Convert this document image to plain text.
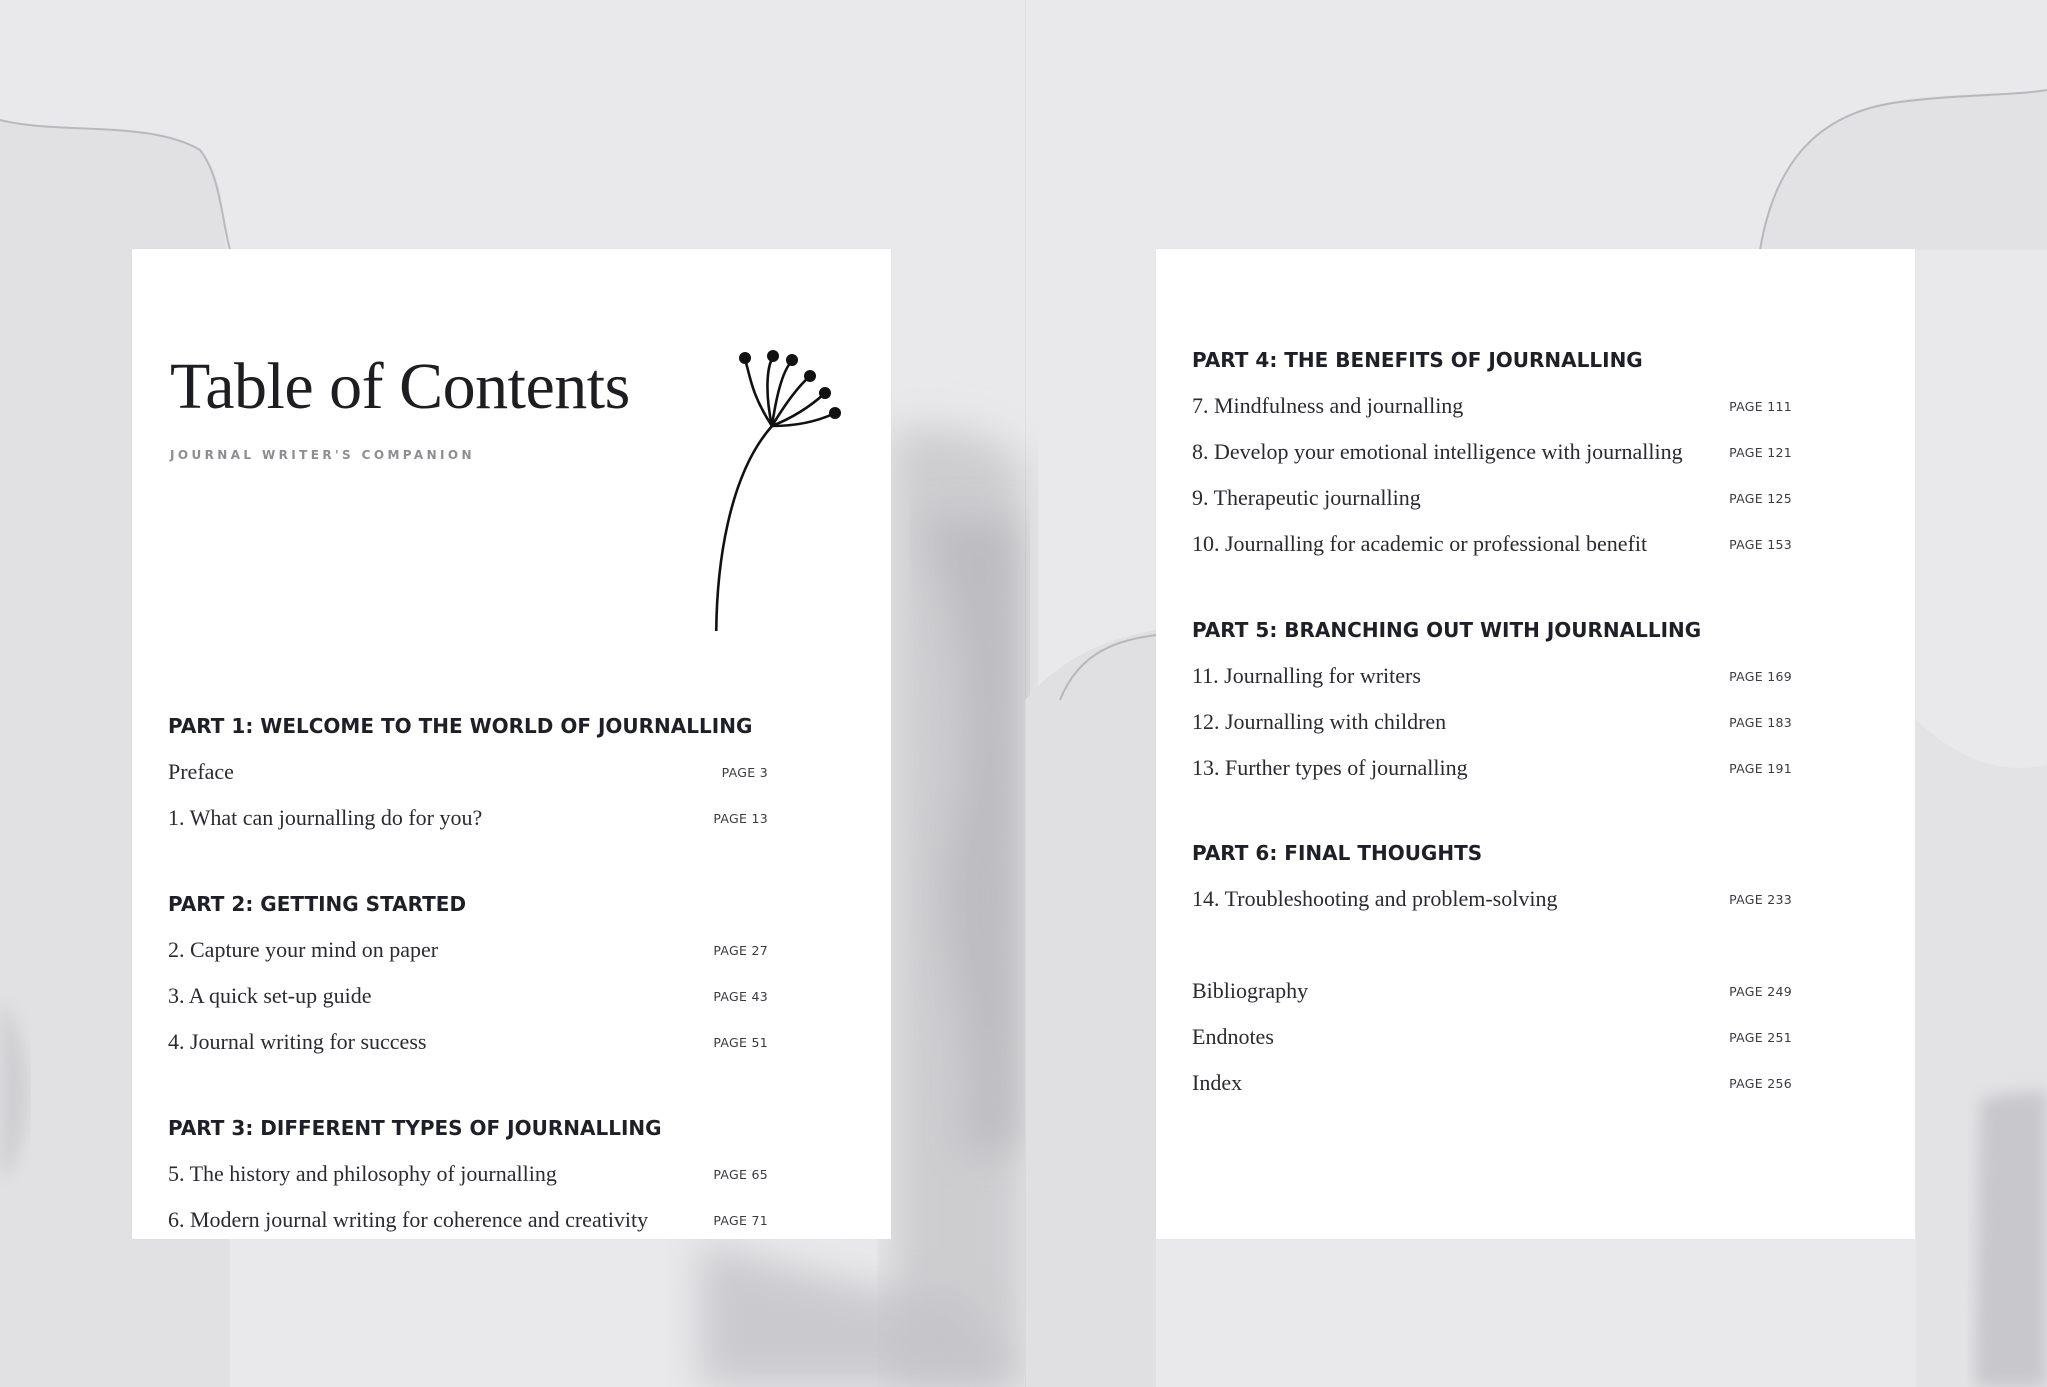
Table of Contents
JOURNAL WRITER'S COMPANION
PART 1: WELCOME TO THE WORLD OF JOURNALLING
Preface	PAGE 3
1. What can journalling do for you?	PAGE 13
PART 2: GETTING STARTED
2. Capture your mind on paper	PAGE 27
3. A quick set-up guide	PAGE 43
4. Journal writing for success	PAGE 51
PART 3: DIFFERENT TYPES OF JOURNALLING
5. The history and philosophy of journalling	PAGE 65
6. Modern journal writing for coherence and creativity	PAGE 71
PART 4: THE BENEFITS OF JOURNALLING
7. Mindfulness and journalling	PAGE 111
8. Develop your emotional intelligence with journalling	PAGE 121
9. Therapeutic journalling	PAGE 125
10. Journalling for academic or professional benefit	PAGE 153
PART 5: BRANCHING OUT WITH JOURNALLING
11. Journalling for writers	PAGE 169
12. Journalling with children	PAGE 183
13. Further types of journalling	PAGE 191
PART 6: FINAL THOUGHTS
14. Troubleshooting and problem-solving	PAGE 233
Bibliography	PAGE 249
Endnotes	PAGE 251
Index	PAGE 256
